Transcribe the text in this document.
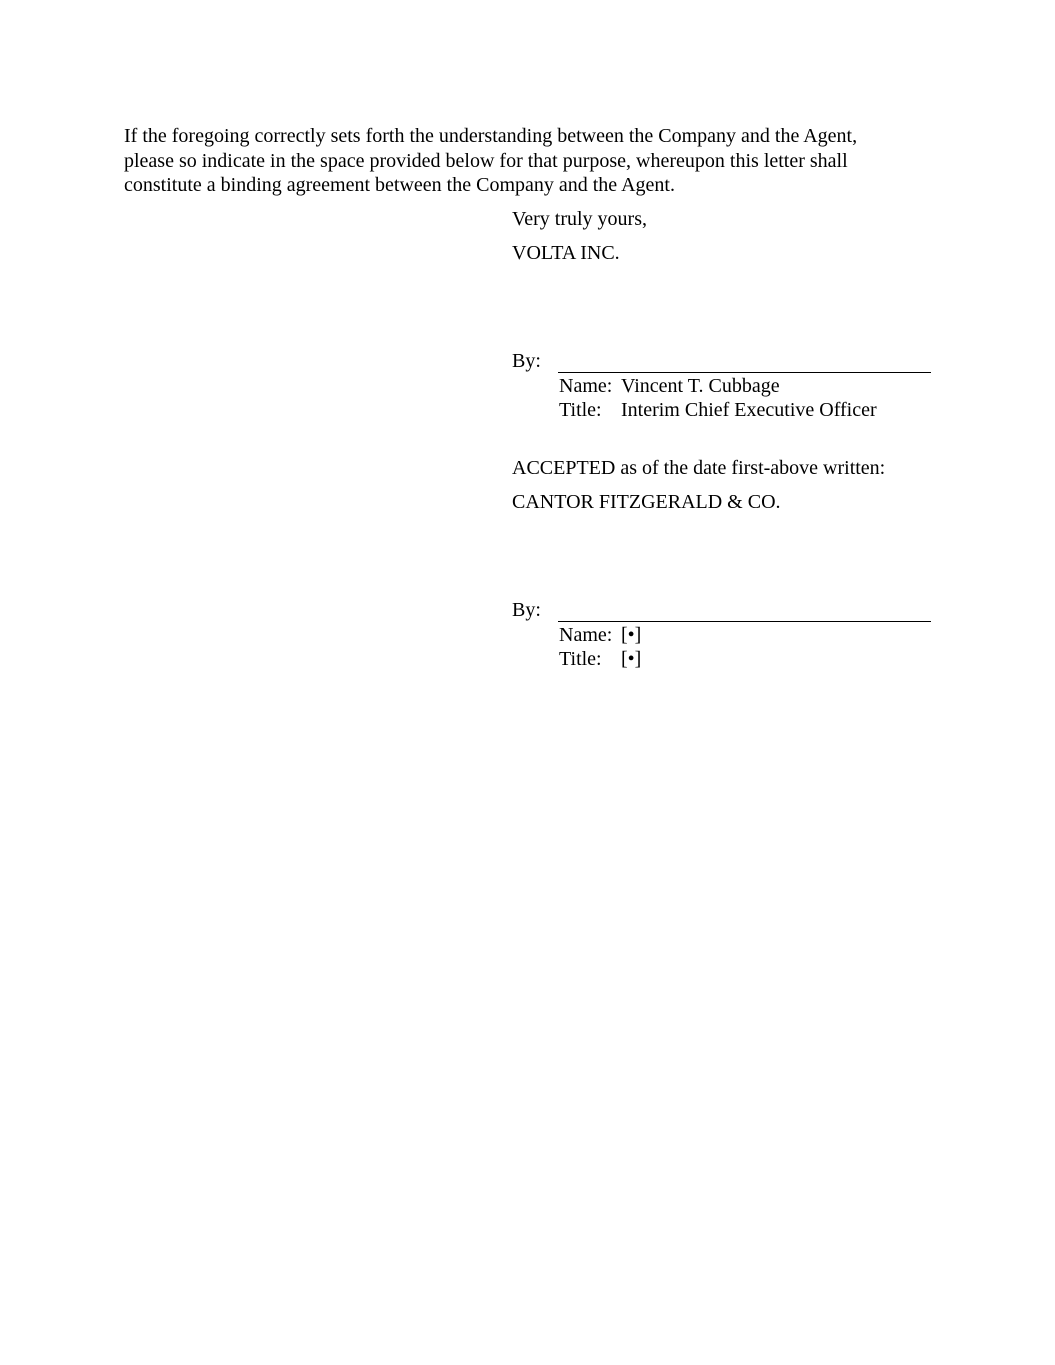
If the foregoing correctly sets forth the understanding between the Company and the Agent,
please so indicate in the space provided below for that purpose, whereupon this letter shall
constitute a binding agreement between the Company and the Agent.
Very truly yours,
VOLTA INC.
By:
Name: Vincent T. Cubbage
Title: Interim Chief Executive Officer
ACCEPTED as of the date first-above written:
CANTOR FITZGERALD & CO.
By:
Name: [•]
Title: [•]
